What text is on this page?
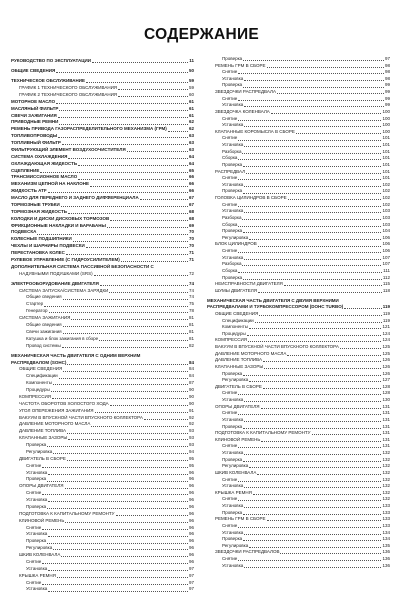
СОДЕРЖАНИЕ
РУКОВОДСТВО ПО ЭКСПЛУАТАЦИИ	11
ОБЩИЕ СВЕДЕНИЯ	50
ТЕХНИЧЕСКОЕ ОБСЛУЖИВАНИЕ	59
ГРАФИК 1 ТЕХНИЧЕСКОГО ОБСЛУЖИВАНИЯ	59
ГРАФИК 2 ТЕХНИЧЕСКОГО ОБСЛУЖИВАНИЯ	60
МОТОРНОЕ МАСЛО	61
МАСЛЯНЫЙ ФИЛЬТР	61
СВЕЧИ ЗАЖИГАНИЯ	61
ПРИВОДНЫЕ РЕМНИ	62
РЕМЕНЬ ПРИВОДА ГАЗОРАСПРЕДЕЛИТЕЛЬНОГО МЕХАНИЗМА (ГРМ)	62
ТОПЛИВОПРОВОДЫ	63
ТОПЛИВНЫЙ ФИЛЬТР	63
ФИЛЬТРУЮЩИЙ ЭЛЕМЕНТ ВОЗДУХООЧИСТИТЕЛЯ	63
СИСТЕМА ОХЛАЖДЕНИЯ	64
ОХЛАЖДАЮЩАЯ ЖИДКОСТЬ	64
СЦЕПЛЕНИЕ	65
ТРАНСМИССИОННОЕ МАСЛО	66
МЕХАНИЗМ ЦЕПНОЙ НА НАКЛОНЕ	66
ЖИДКОСТЬ АТF	66
МАСЛО ДЛЯ ПЕРЕДНЕГО И ЗАДНЕГО ДИФФЕРЕНЦИАЛА	67
ТОРМОЗНЫЕ ТРУБКИ	67
ТОРМОЗНАЯ ЖИДКОСТЬ	68
КОЛОДКИ И ДИСКИ ДИСКОВЫХ ТОРМОЗОВ	68
ФРИКЦИОННЫЕ НАКЛАДКИ И БАРАБАНЫ	69
ПОДВЕСКА	70
КОЛЕСНЫЕ ПОДШИПНИКИ	70
ЧЕХЛЫ И ШАРНИРЫ ПОДВЕСКИ	70
ПЕРЕСТАНОВКА КОЛЕС	71
РУЛЕВОЕ УПРАВЛЕНИЕ (С ГИДРОУСИЛИТЕЛЕМ)	71
ДОПОЛНИТЕЛЬНАЯ СИСТЕМА ПАССИВНОЙ БЕЗОПАСНОСТИ С
НАДУВНЫМИ ПОДУШКАМИ (SRS)	72
ЭЛЕКТРООБОРУДОВАНИЕ ДВИГАТЕЛЯ	74
СИСТЕМА ЗАПУСКА/СИСТЕМА ЗАРЯДКИ	74
Общие сведения	74
Стартер	75
Генератор	78
СИСТЕМА ЗАЖИГАНИЯ	81
Общие сведения	81
Свечи зажигания	81
Катушка и блок зажигания в сборе	81
Провод системы	82
МЕХАНИЧЕСКАЯ ЧАСТЬ ДВИГАТЕЛЯ С ОДНИМ ВЕРХНИМ
РАСПРЕДВАЛОМ (SOHC)	84
ОБЩИЕ СВЕДЕНИЯ	84
Спецификации	84
Компоненты	87
Процедуры	90
КОМПРЕССИЯ	90
ЧАСТОТА ОБОРОТОВ ХОЛОСТОГО ХОДА	90
УГОЛ ОПЕРЕЖЕНИЯ ЗАЖИГАНИЯ	91
ВАКУУМ В ВПУСКНОЙ ЧАСТИ ВПУСКНОГО КОЛЛЕКТОРА	92
ДАВЛЕНИЕ МОТОРНОГО МАСЛА	92
ДАВЛЕНИЕ ТОПЛИВА	93
КЛАПАННЫЕ ЗАЗОРЫ	93
Проверка	93
Регулировка	94
ДВИГАТЕЛЬ В СБОРЕ	95
Снятие	95
Установка	96
Проверка	96
ОПОРЫ ДВИГАТЕЛЯ	96
Снятие	96
Установка	96
Проверка	96
ПОДГОТОВКА К КАПИТАЛЬНОМУ РЕМОНТУ	96
КЛИНОВОЙ РЕМЕНЬ	96
Снятие	96
Установка	96
Проверка	96
Регулировка	96
ШКИВ КОЛЕНВАЛА	96
Снятие	96
Установка	97
КРЫШКА РЕМНЯ	97
Снятие	97
Установка	97
Проверка	97
РЕМЕНЬ ГРМ В СБОРЕ	98
Снятие	98
Установка	98
Проверка	99
ЗВЕЗДОЧКИ РАСПРЕДВАЛА	99
Снятие	99
Установка	99
ЗВЕЗДОЧКА КОЛЕНВАЛА	100
Снятие	100
Установка	100
КЛАПАННЫЕ КОРОМЫСЛА В СБОРЕ	100
Снятие	101
Установка	101
Разборка	101
Сборка	101
Проверка	101
РАСПРЕДВАЛ	101
Снятие	101
Установка	102
Проверка	102
ГОЛОВКА ЦИЛИНДРОВ В СБОРЕ	102
Снятие	102
Установка	103
Разборка	103
Сборка	103
Проверка	104
Регулировка	106
БЛОК ЦИЛИНДРОВ	106
Снятие	106
Установка	107
Разборка	107
Сборка	111
Проверка	112
НЕИСПРАВНОСТИ ДВИГАТЕЛЯ	115
ШУМЫ ДВИГАТЕЛЯ	118
МЕХАНИЧЕСКАЯ ЧАСТЬ ДВИГАТЕЛЯ С ДВУМЯ ВЕРХНИМИ
РАСПРЕДВАЛАМИ И ТУРБОКОМПРЕССОРОМ (DOHC TURBO)	119
ОБЩИЕ СВЕДЕНИЯ	119
Спецификации	119
Компоненты	121
Процедуры	124
КОМПРЕССИЯ	124
ВАКУУМ В ВПУСКНОЙ ЧАСТИ ВПУСКНОГО КОЛЛЕКТОРА	125
ДАВЛЕНИЕ МОТОРНОГО МАСЛА	125
ДАВЛЕНИЕ ТОПЛИВА	126
КЛАПАННЫЕ ЗАЗОРЫ	126
Проверка	126
Регулировка	127
ДВИГАТЕЛЬ В СБОРЕ	128
Снятие	128
Установка	130
ОПОРЫ ДВИГАТЕЛЯ	131
Снятие	131
Установка	131
Проверка	131
ПОДГОТОВКА К КАПИТАЛЬНОМУ РЕМОНТУ	131
КЛИНОВОЙ РЕМЕНЬ	131
Снятие	131
Установка	132
Проверка	132
Регулировка	132
ШКИВ КОЛЕНВАЛА	132
Снятие	132
Установка	132
КРЫШКА РЕМНЯ	132
Снятие	132
Установка	133
Проверка	133
РЕМЕНЬ ГРМ В СБОРЕ	133
Снятие	133
Установка	134
Проверка	134
Регулировка	135
ЗВЕЗДОЧКИ РАСПРЕДВАЛОВ	136
Снятие	136
Установка	136
